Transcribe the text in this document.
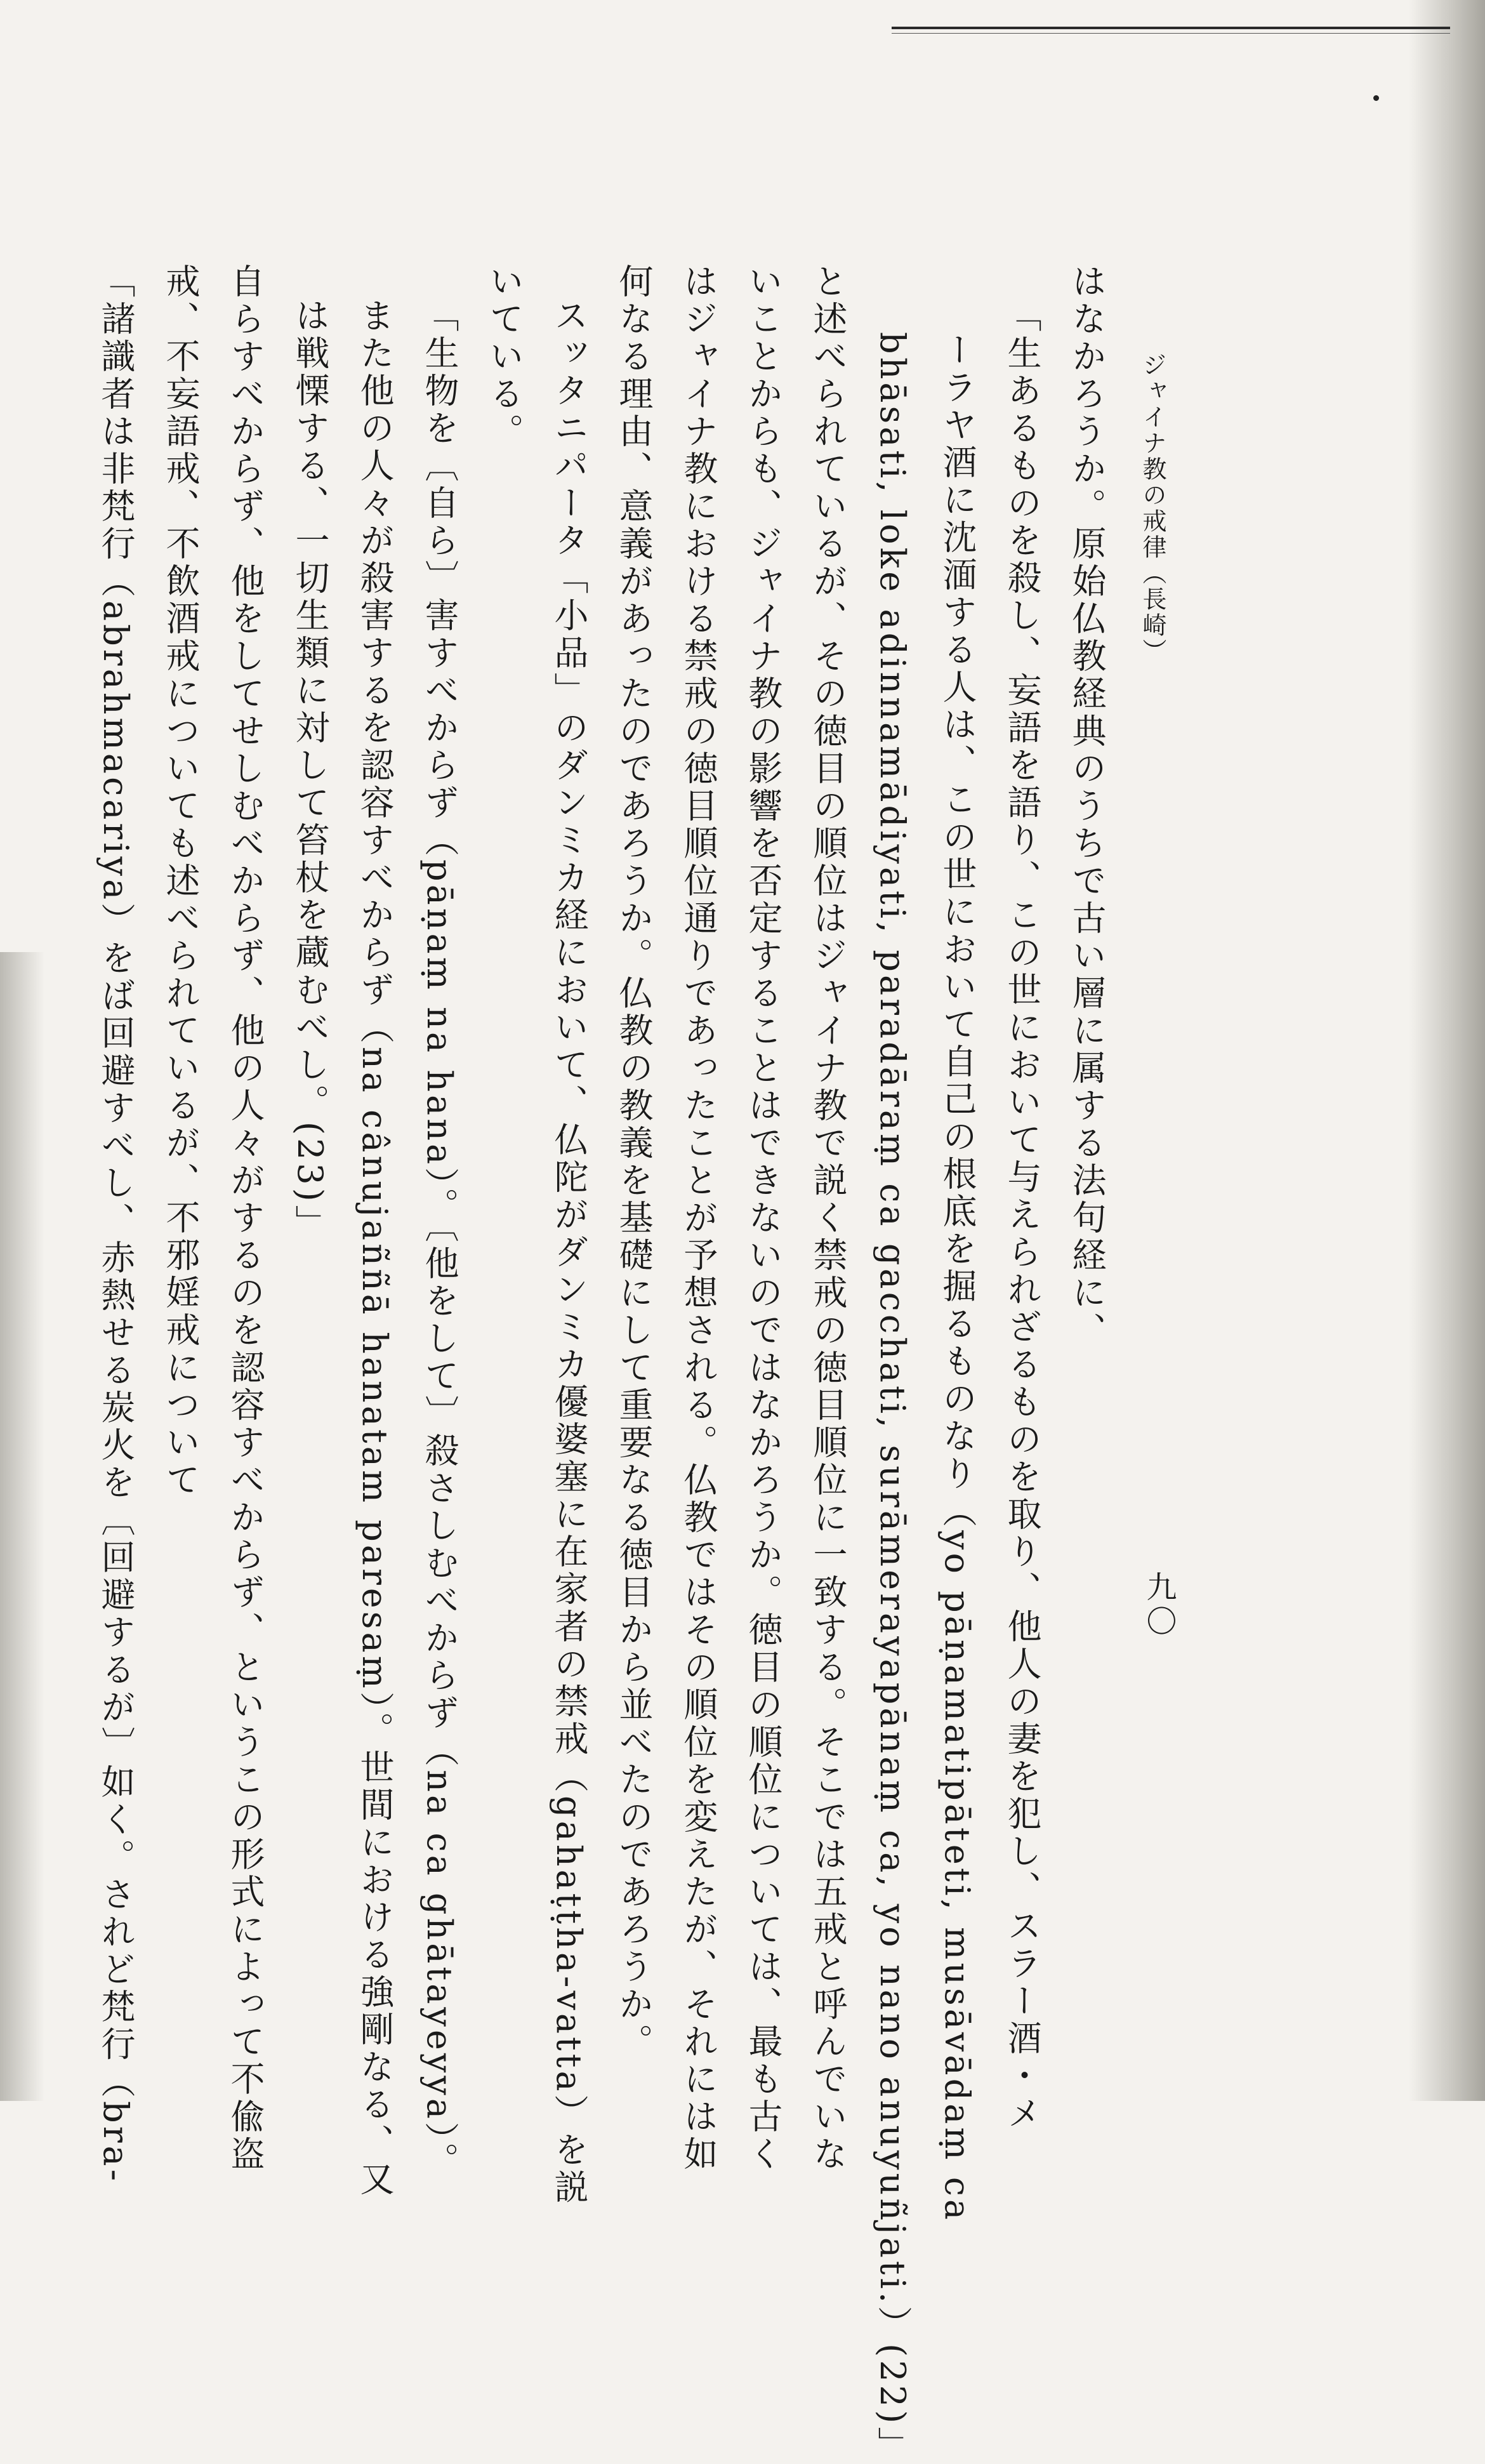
ジャイナ教の戒律（長崎）
九〇
はなかろうか。原始仏教経典のうちで古い層に属する法句経に、
「生あるものを殺し、妄語を語り、この世において与えられざるものを取り、他人の妻を犯し、スラー酒・メ
ーラヤ酒に沈湎する人は、この世において自己の根底を掘るものなり（yo pāṇamatipāteti, musāvādaṃ ca
bhāsati, loke adinnamādiyati, paradāraṃ ca gacchati, surāmerayapānaṃ ca, yo nano anuyuñjati.）(22)」
と述べられているが、その徳目の順位はジャイナ教で説く禁戒の徳目順位に一致する。そこでは五戒と呼んでいな
いことからも、ジャイナ教の影響を否定することはできないのではなかろうか。徳目の順位については、最も古く
はジャイナ教における禁戒の徳目順位通りであったことが予想される。仏教ではその順位を変えたが、それには如
何なる理由、意義があったのであろうか。仏教の教義を基礎にして重要なる徳目から並べたのであろうか。
スッタニパータ「小品」のダンミカ経において、仏陀がダンミカ優婆塞に在家者の禁戒（gahaṭṭha-vatta）を説
いている。
「生物を〔自ら〕害すべからず（pāṇaṃ na hana）。〔他をして〕殺さしむべからず（na ca ghātayeyya）。
また他の人々が殺害するを認容すべからず（na cânujaññā hanatam paresaṃ）。世間における強剛なる、又
は戦慄する、一切生類に対して笞杖を蔵むべし。(23)」
自らすべからず、他をしてせしむべからず、他の人々がするのを認容すべからず、というこの形式によって不偸盗
戒、不妄語戒、不飲酒戒についても述べられているが、不邪婬戒について
「諸識者は非梵行（abrahmacariya）をば回避すべし、赤熱せる炭火を〔回避するが〕如く。されど梵行（bra-
